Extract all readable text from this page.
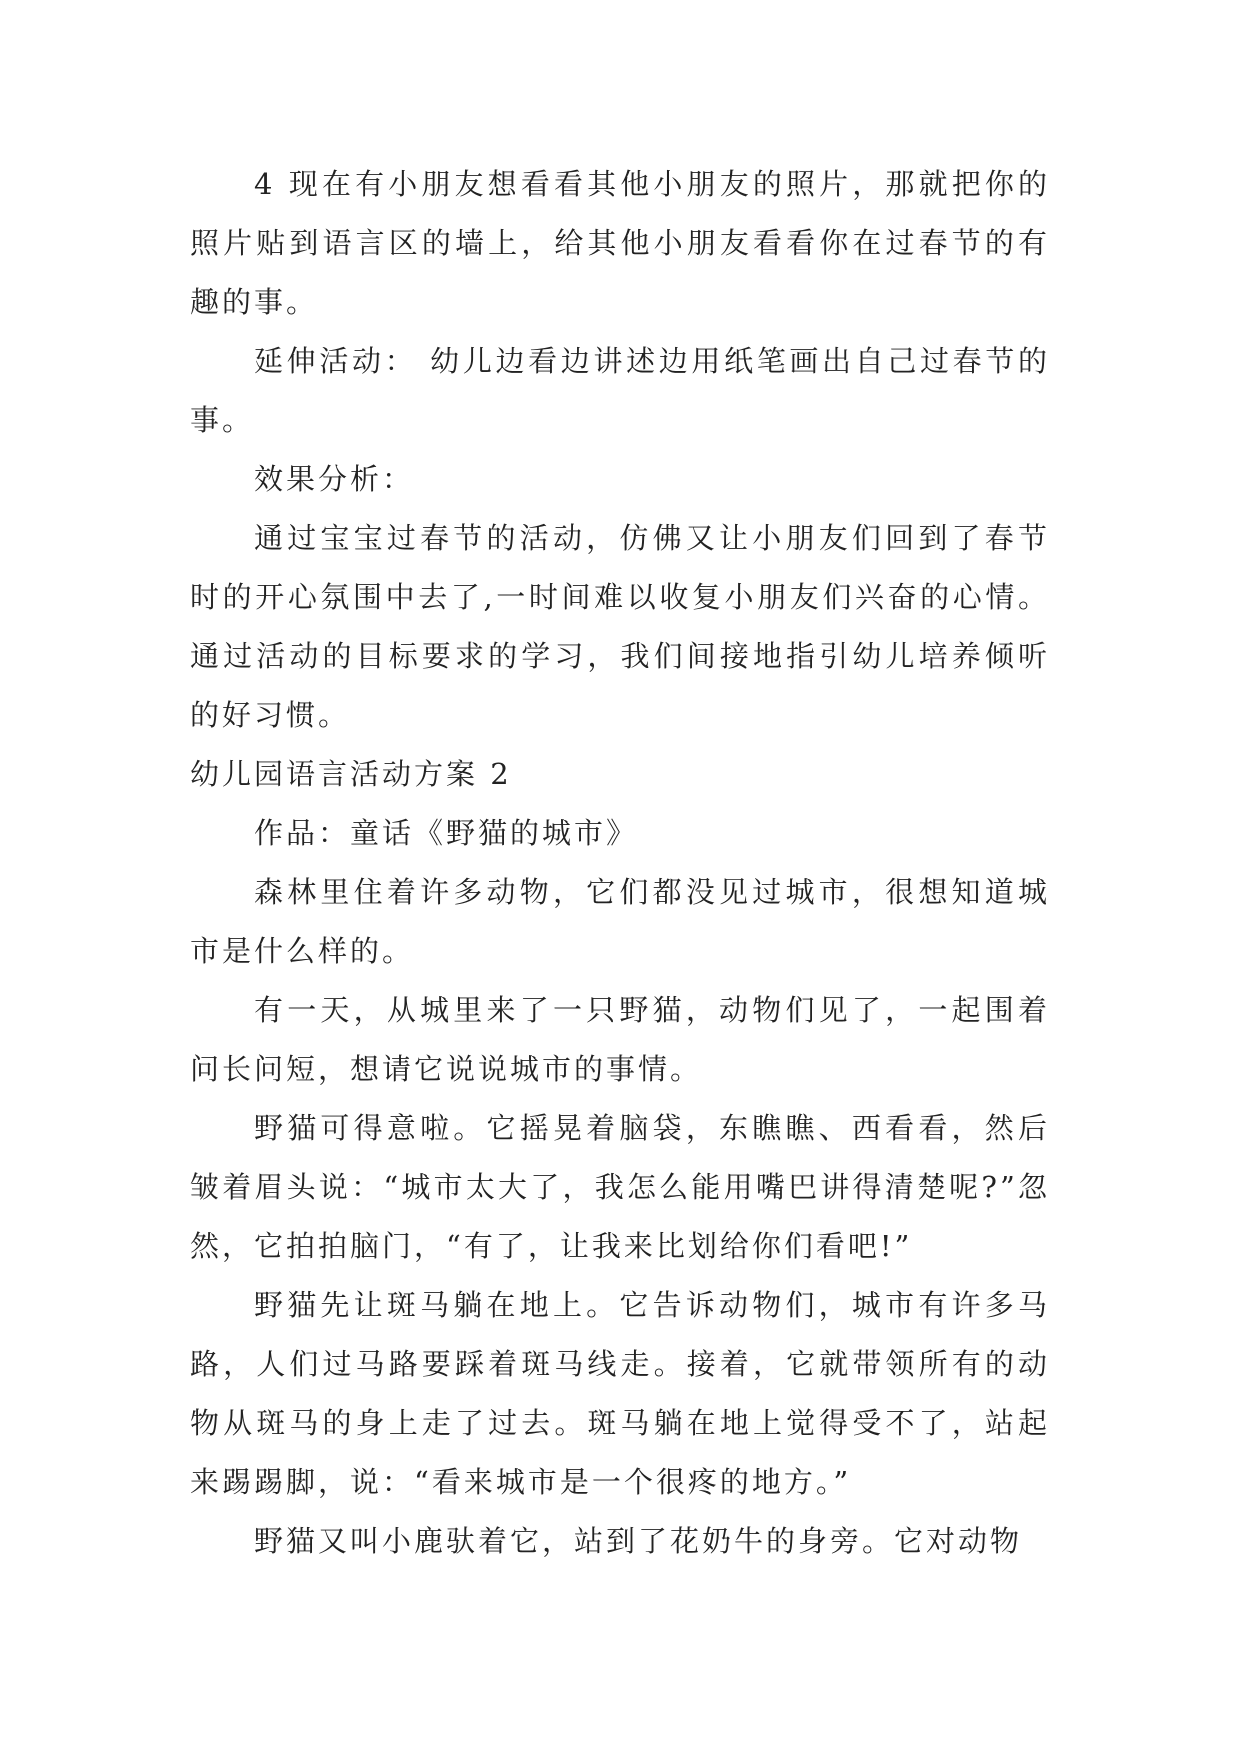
4 现在有小朋友想看看其他小朋友的照片，那就把你的照片贴到语言区的墙上，给其他小朋友看看你在过春节的有趣的事。

延伸活动： 幼儿边看边讲述边用纸笔画出自己过春节的事。

效果分析：

通过宝宝过春节的活动，仿佛又让小朋友们回到了春节时的开心氛围中去了,一时间难以收复小朋友们兴奋的心情。通过活动的目标要求的学习，我们间接地指引幼儿培养倾听的好习惯。

幼儿园语言活动方案 2

作品：童话《野猫的城市》

森林里住着许多动物，它们都没见过城市，很想知道城市是什么样的。

有一天，从城里来了一只野猫，动物们见了，一起围着问长问短，想请它说说城市的事情。

野猫可得意啦。它摇晃着脑袋，东瞧瞧、西看看，然后皱着眉头说：“城市太大了，我怎么能用嘴巴讲得清楚呢?”忽然，它拍拍脑门，“有了，让我来比划给你们看吧!”

野猫先让斑马躺在地上。它告诉动物们，城市有许多马路，人们过马路要踩着斑马线走。接着，它就带领所有的动物从斑马的身上走了过去。斑马躺在地上觉得受不了，站起来踢踢脚，说：“看来城市是一个很疼的地方。”

野猫又叫小鹿驮着它，站到了花奶牛的身旁。它对动物
